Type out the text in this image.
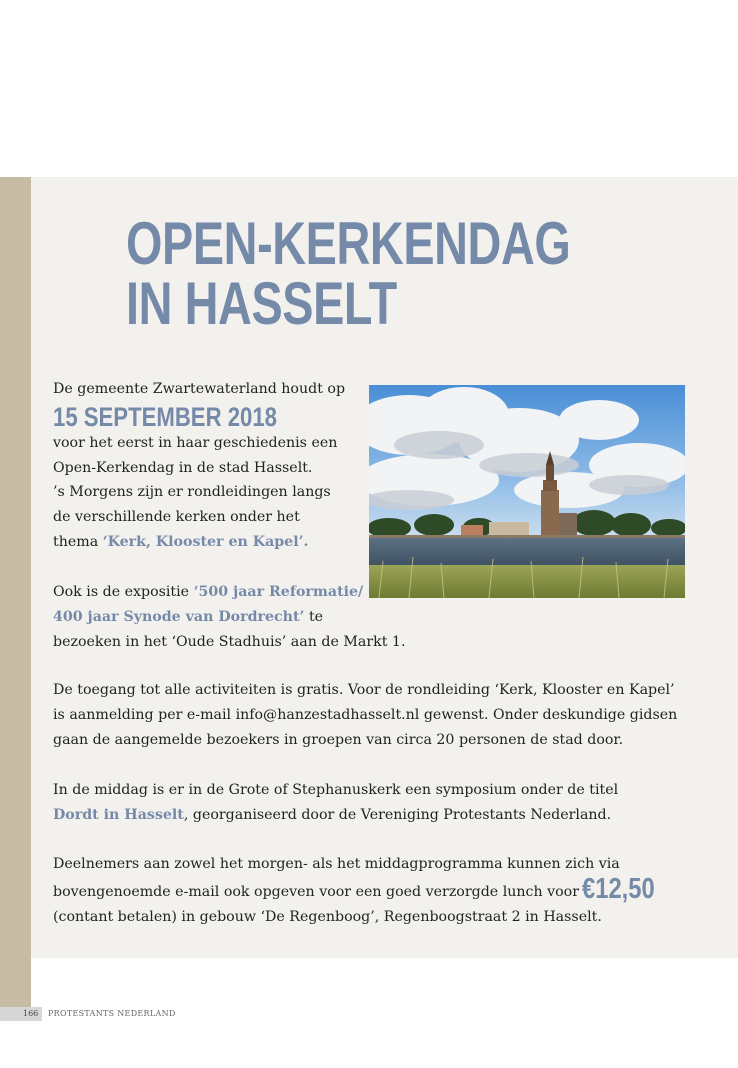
OPEN-KERKENDAG
IN HASSELT
De gemeente Zwartewaterland houdt op
15 SEPTEMBER 2018
voor het eerst in haar geschiedenis een
Open-Kerkendag in de stad Hasselt.
’s Morgens zijn er rondleidingen langs
de verschillende kerken onder het
thema ‘Kerk, Klooster en Kapel’.
Ook is de expositie ‘500 jaar Reformatie/
400 jaar Synode van Dordrecht’ te
bezoeken in het ‘Oude Stadhuis’ aan de Markt 1.
De toegang tot alle activiteiten is gratis. Voor de rondleiding ‘Kerk, Klooster en Kapel’
is aanmelding per e-mail info@hanzestadhasselt.nl gewenst. Onder deskundige gidsen
gaan de aangemelde bezoekers in groepen van circa 20 personen de stad door.
In de middag is er in de Grote of Stephanuskerk een symposium onder de titel
Dordt in Hasselt, georganiseerd door de Vereniging Protestants Nederland.
Deelnemers aan zowel het morgen- als het middagprogramma kunnen zich via
bovengenoemde e-mail ook opgeven voor een goed verzorgde lunch voor €12,50
(contant betalen) in gebouw ‘De Regenboog’, Regenboogstraat 2 in Hasselt.
166 PROTESTANTS NEDERLAND
